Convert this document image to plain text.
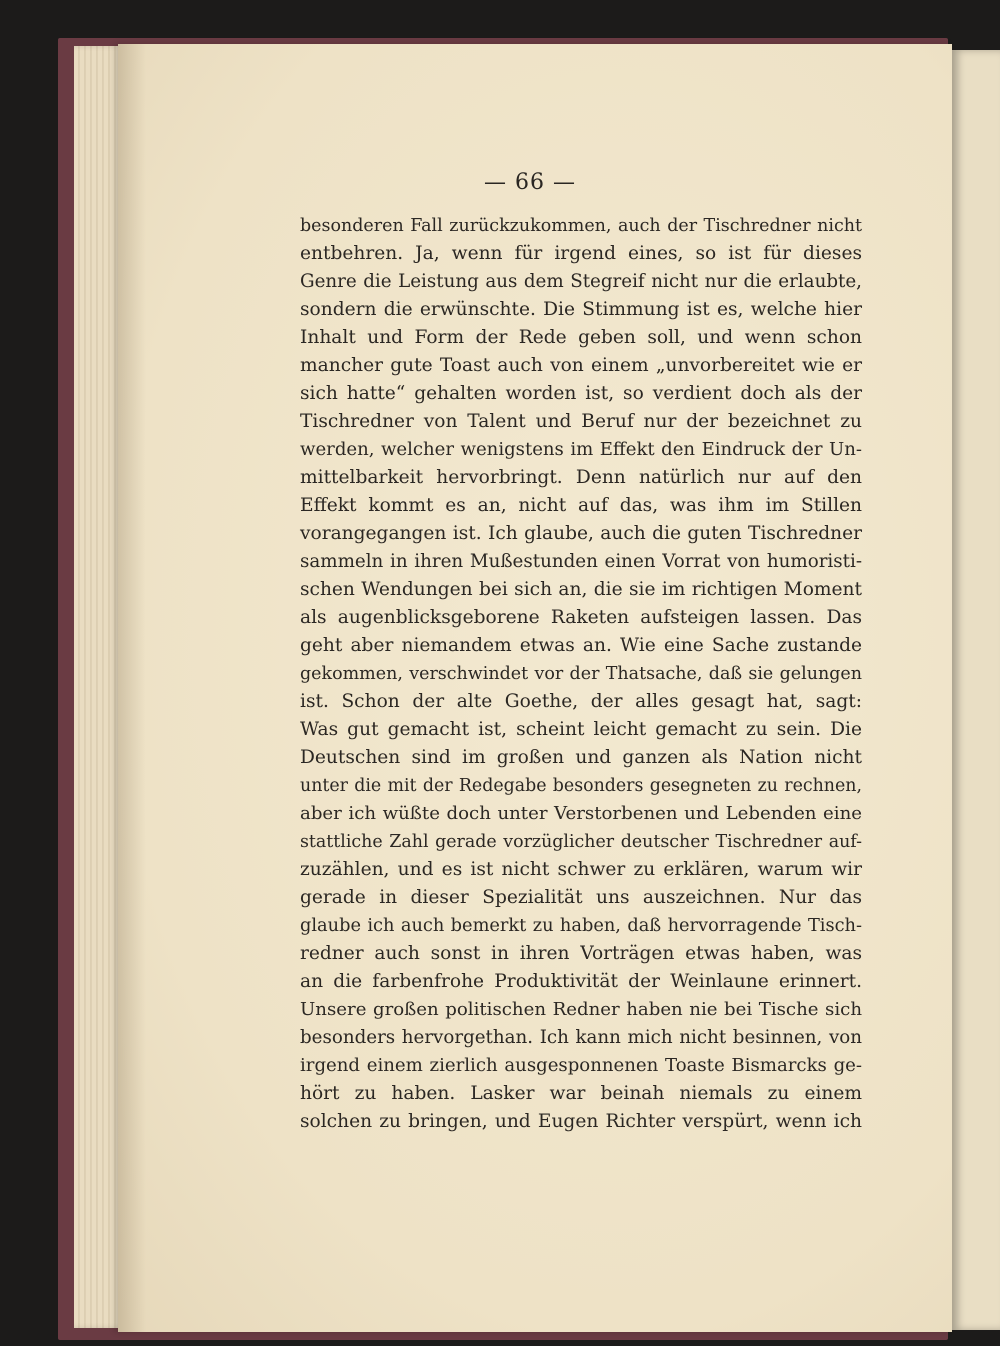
— 66 —
besonderen Fall zurückzukommen, auch der Tischredner nicht
entbehren. Ja, wenn für irgend eines, so ist für dieses
Genre die Leistung aus dem Stegreif nicht nur die erlaubte,
sondern die erwünschte. Die Stimmung ist es, welche hier
Inhalt und Form der Rede geben soll, und wenn schon
mancher gute Toast auch von einem „unvorbereitet wie er
sich hatte“ gehalten worden ist, so verdient doch als der
Tischredner von Talent und Beruf nur der bezeichnet zu
werden, welcher wenigstens im Effekt den Eindruck der Un-
mittelbarkeit hervorbringt. Denn natürlich nur auf den
Effekt kommt es an, nicht auf das, was ihm im Stillen
vorangegangen ist. Ich glaube, auch die guten Tischredner
sammeln in ihren Mußestunden einen Vorrat von humoristi-
schen Wendungen bei sich an, die sie im richtigen Moment
als augenblicksgeborene Raketen aufsteigen lassen. Das
geht aber niemandem etwas an. Wie eine Sache zustande
gekommen, verschwindet vor der Thatsache, daß sie gelungen
ist. Schon der alte Goethe, der alles gesagt hat, sagt:
Was gut gemacht ist, scheint leicht gemacht zu sein. Die
Deutschen sind im großen und ganzen als Nation nicht
unter die mit der Redegabe besonders gesegneten zu rechnen,
aber ich wüßte doch unter Verstorbenen und Lebenden eine
stattliche Zahl gerade vorzüglicher deutscher Tischredner auf-
zuzählen, und es ist nicht schwer zu erklären, warum wir
gerade in dieser Spezialität uns auszeichnen. Nur das
glaube ich auch bemerkt zu haben, daß hervorragende Tisch-
redner auch sonst in ihren Vorträgen etwas haben, was
an die farbenfrohe Produktivität der Weinlaune erinnert.
Unsere großen politischen Redner haben nie bei Tische sich
besonders hervorgethan. Ich kann mich nicht besinnen, von
irgend einem zierlich ausgesponnenen Toaste Bismarcks ge-
hört zu haben. Lasker war beinah niemals zu einem
solchen zu bringen, und Eugen Richter verspürt, wenn ich
